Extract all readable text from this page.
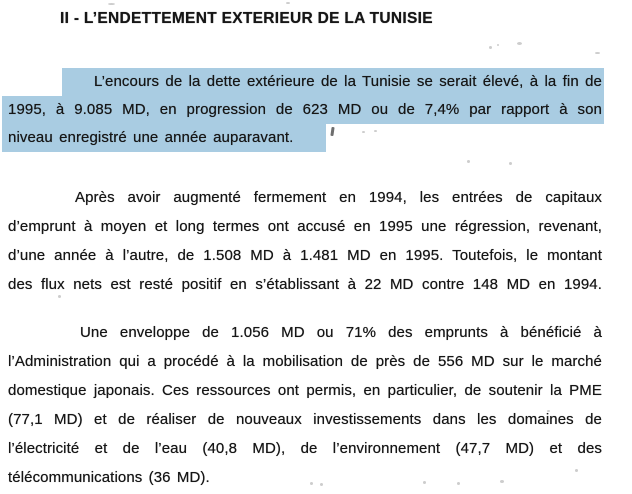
II - L’ENDETTEMENT EXTERIEUR DE LA TUNISIE
L’encours de la dette extérieure de la Tunisie se serait élevé, à la fin de
1995, à 9.085 MD, en progression de 623 MD ou de 7,4% par rapport à son
niveau enregistré une année auparavant.
Après avoir augmenté fermement en 1994, les entrées de capitaux
d’emprunt à moyen et long termes ont accusé en 1995 une régression, revenant,
d’une année à l’autre, de 1.508 MD à 1.481 MD en 1995. Toutefois, le montant
des flux nets est resté positif en s’établissant à 22 MD contre 148 MD en 1994.
Une enveloppe de 1.056 MD ou 71% des emprunts à bénéficié à
l’Administration qui a procédé à la mobilisation de près de 556 MD sur le marché
domestique japonais. Ces ressources ont permis, en particulier, de soutenir la PME
(77,1 MD) et de réaliser de nouveaux investissements dans les domaines de
l’électricité et de l’eau (40,8 MD), de l’environnement (47,7 MD) et des
télécommunications (36 MD).
